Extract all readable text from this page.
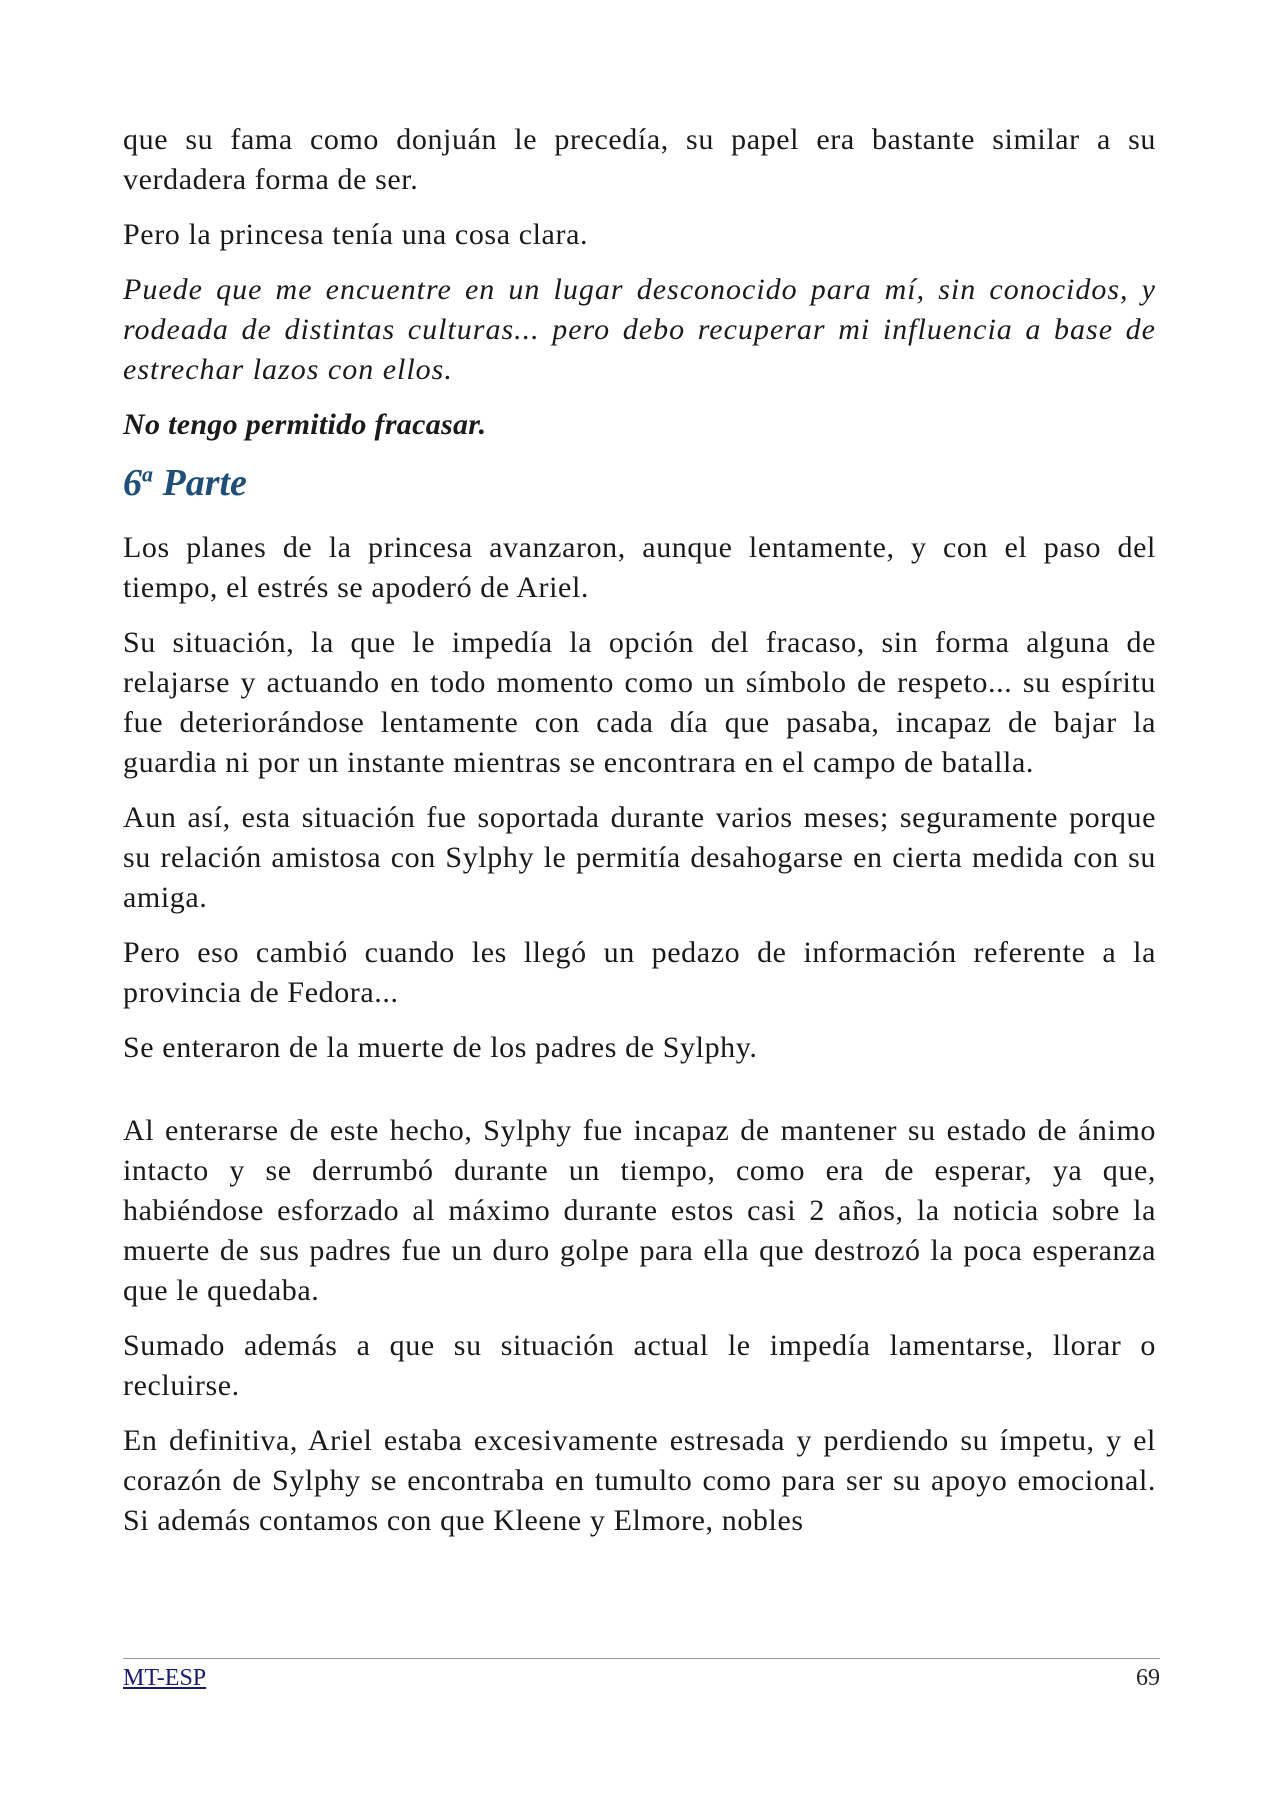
que su fama como donjuán le precedía, su papel era bastante similar a su verdadera forma de ser.

Pero la princesa tenía una cosa clara.

Puede que me encuentre en un lugar desconocido para mí, sin conocidos, y rodeada de distintas culturas... pero debo recuperar mi influencia a base de estrechar lazos con ellos.

No tengo permitido fracasar.

6$^a$ Parte

Los planes de la princesa avanzaron, aunque lentamente, y con el paso del tiempo, el estrés se apoderó de Ariel.

Su situación, la que le impedía la opción del fracaso, sin forma alguna de relajarse y actuando en todo momento como un símbolo de respeto... su espíritu fue deteriorándose lentamente con cada día que pasaba, incapaz de bajar la guardia ni por un instante mientras se encontrara en el campo de batalla.

Aun así, esta situación fue soportada durante varios meses; seguramente porque su relación amistosa con Sylphy le permitía desahogarse en cierta medida con su amiga.

Pero eso cambió cuando les llegó un pedazo de información referente a la provincia de Fedora...

Se enteraron de la muerte de los padres de Sylphy.

Al enterarse de este hecho, Sylphy fue incapaz de mantener su estado de ánimo intacto y se derrumbó durante un tiempo, como era de esperar, ya que, habiéndose esforzado al máximo durante estos casi 2 años, la noticia sobre la muerte de sus padres fue un duro golpe para ella que destrozó la poca esperanza que le quedaba.

Sumado además a que su situación actual le impedía lamentarse, llorar o recluirse.

En definitiva, Ariel estaba excesivamente estresada y perdiendo su ímpetu, y el corazón de Sylphy se encontraba en tumulto como para ser su apoyo emocional. Si además contamos con que Kleene y Elmore, nobles

MT-ESP	69
